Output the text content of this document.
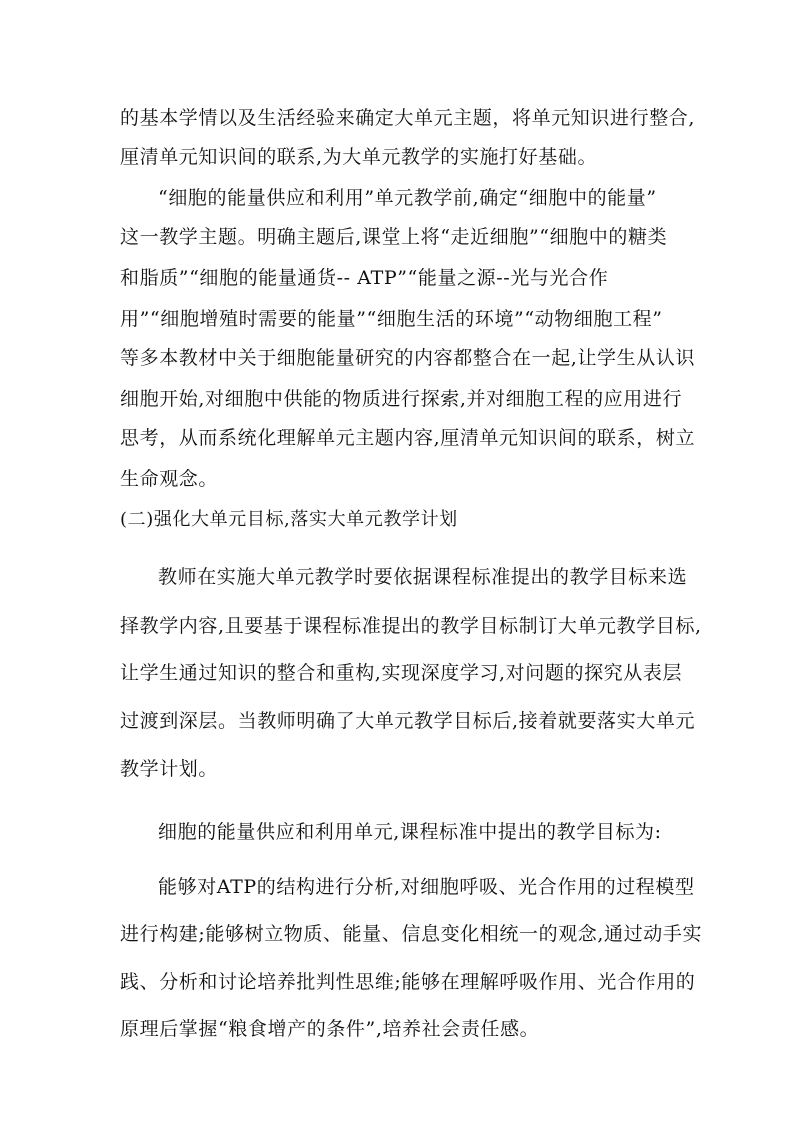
的基本学情以及生活经验来确定大单元主题，将单元知识进行整合,
厘清单元知识间的联系,为大单元教学的实施打好基础。
“细胞的能量供应和利用”单元教学前,确定“细胞中的能量”
这一教学主题。明确主题后,课堂上将“走近细胞”“细胞中的糖类
和脂质”“细胞的能量通货-- ATP”“能量之源--光与光合作
用”“细胞增殖时需要的能量”“细胞生活的环境”“动物细胞工程”
等多本教材中关于细胞能量研究的内容都整合在一起,让学生从认识
细胞开始,对细胞中供能的物质进行探索,并对细胞工程的应用进行
思考，从而系统化理解单元主题内容,厘清单元知识间的联系，树立
生命观念。
(二)强化大单元目标,落实大单元教学计划
教师在实施大单元教学时要依据课程标准提出的教学目标来选
择教学内容,且要基于课程标准提出的教学目标制订大单元教学目标,
让学生通过知识的整合和重构,实现深度学习,对问题的探究从表层
过渡到深层。当教师明确了大单元教学目标后,接着就要落实大单元
教学计划。
细胞的能量供应和利用单元,课程标准中提出的教学目标为:
能够对ATP的结构进行分析,对细胞呼吸、光合作用的过程模型
进行构建;能够树立物质、能量、信息变化相统一的观念,通过动手实
践、分析和讨论培养批判性思维;能够在理解呼吸作用、光合作用的
原理后掌握“粮食增产的条件”,培养社会责任感。
